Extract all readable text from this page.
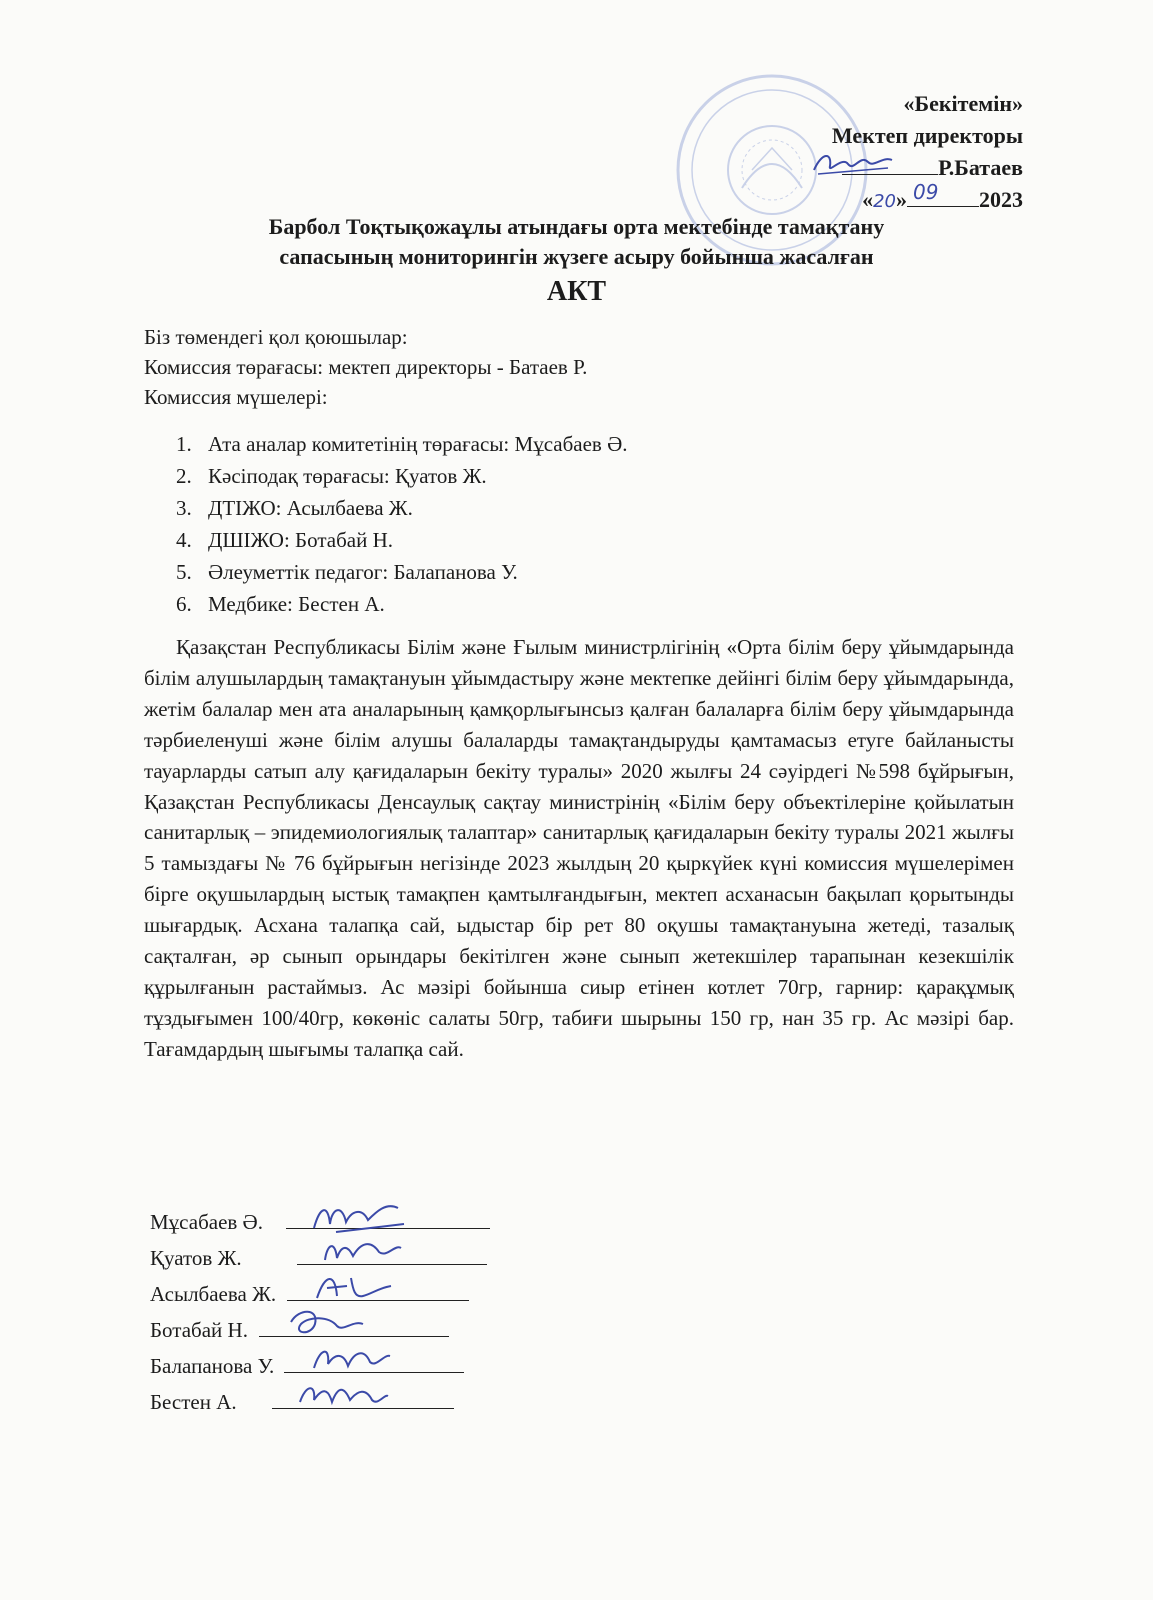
«Бекітемін»
Мектеп директоры
Р.Батаев
«20» 09 2023
Барбол Тоқтықожаұлы атындағы орта мектебінде тамақтану
сапасының мониторингін жүзеге асыру бойынша жасалған
АКТ
Біз төмендегі қол қоюшылар:
Комиссия төрағасы: мектеп директоры - Батаев Р.
Комиссия мүшелері:
1. Ата аналар комитетінің төрағасы: Мұсабаев Ә.
2. Кәсіподақ төрағасы: Қуатов Ж.
3. ДТІЖО: Асылбаева Ж.
4. ДШІЖО: Ботабай Н.
5. Әлеуметтік педагог: Балапанова У.
6. Медбике: Бестен А.

Қазақстан Республикасы Білім және Ғылым министрлігінің «Орта білім беру ұйымдарында білім алушылардың тамақтануын ұйымдастыру және мектепке дейінгі білім беру ұйымдарында, жетім балалар мен ата аналарының қамқорлығынсыз қалған балаларға білім беру ұйымдарында тәрбиеленуші және білім алушы балаларды тамақтандыруды қамтамасыз етуге байланысты тауарларды сатып алу қағидаларын бекіту туралы» 2020 жылғы 24 сәуірдегі №598 бұйрығын, Қазақстан Республикасы Денсаулық сақтау министрінің «Білім беру объектілеріне қойылатын санитарлық – эпидемиологиялық талаптар» санитарлық қағидаларын бекіту туралы 2021 жылғы 5 тамыздағы № 76 бұйрығын негізінде 2023 жылдың 20 қыркүйек күні комиссия мүшелерімен бірге оқушылардың ыстық тамақпен қамтылғандығын, мектеп асханасын бақылап қорытынды шығардық. Асхана талапқа сай, ыдыстар бір рет 80 оқушы тамақтануына жетеді, тазалық сақталған, әр сынып орындары бекітілген және сынып жетекшілер тарапынан кезекшілік құрылғанын растаймыз. Ас мәзірі бойынша сиыр етінен котлет 70гр, гарнир: қарақұмық тұздығымен 100/40гр, көкөніс салаты 50гр, табиғи шырыны 150 гр, нан 35 гр. Ас мәзірі бар. Тағамдардың шығымы талапқа сай.

Мұсабаев Ә.
Қуатов Ж.
Асылбаева Ж.
Ботабай Н.
Балапанова У.
Бестен А.
